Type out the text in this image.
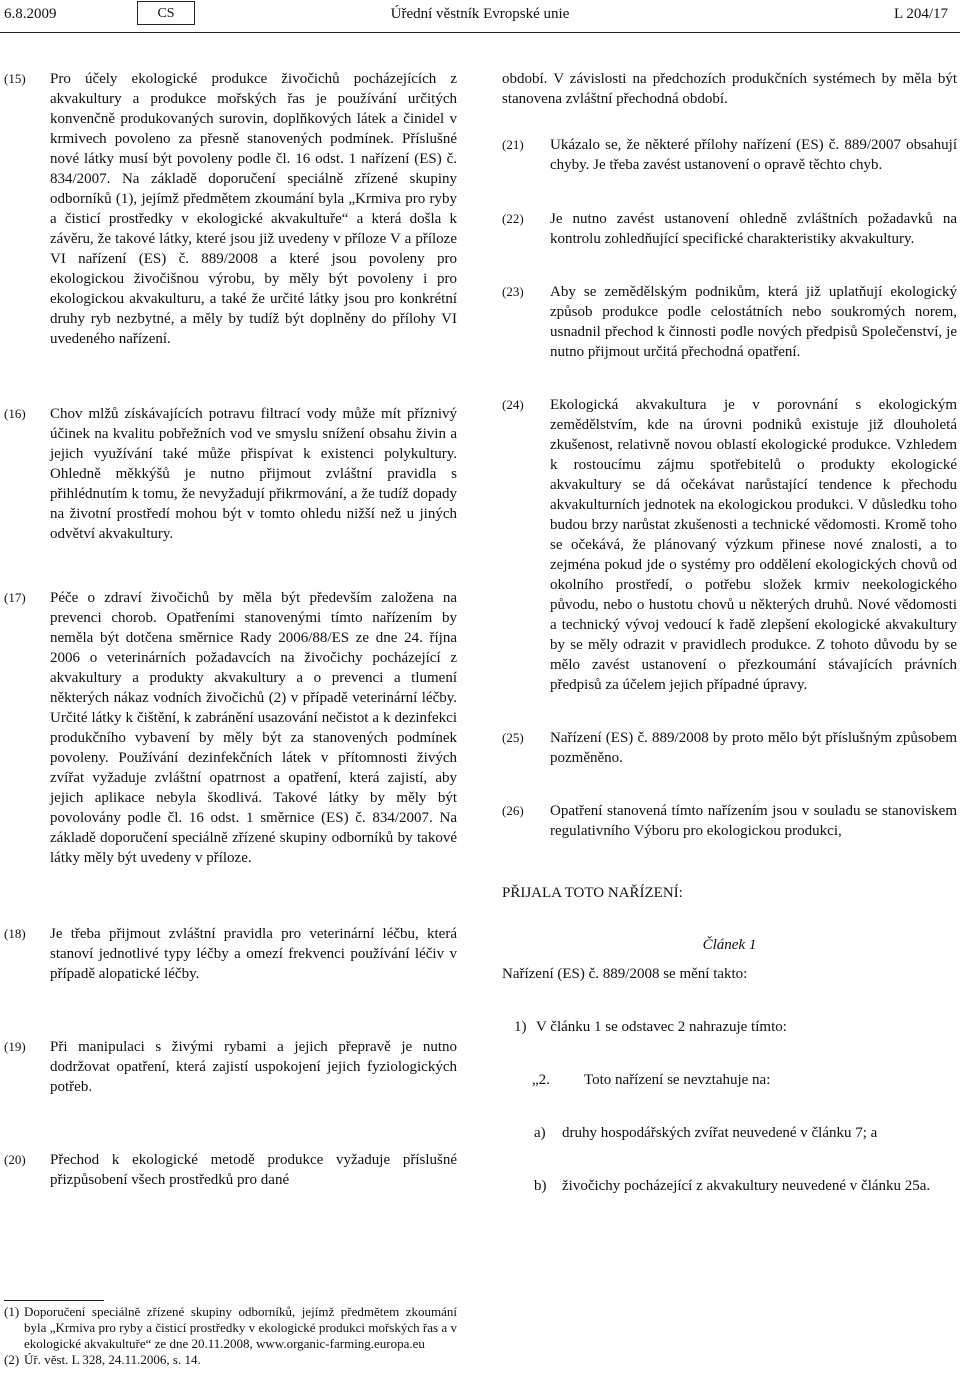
6.8.2009	CS	Úřední věstník Evropské unie	L 204/17
(15) Pro účely ekologické produkce živočichů pocházejících z akvakultury a produkce mořských řas je používání určitých konvenčně produkovaných surovin, doplňkových látek a činidel v krmivech povoleno za přesně stanovených podmínek. Příslušné nové látky musí být povoleny podle čl. 16 odst. 1 nařízení (ES) č. 834/2007. Na základě doporučení speciálně zřízené skupiny odborníků (1), jejímž předmětem zkoumání byla „Krmiva pro ryby a čisticí prostředky v ekologické akvakultuře“ a která došla k závěru, že takové látky, které jsou již uvedeny v příloze V a příloze VI nařízení (ES) č. 889/2008 a které jsou povoleny pro ekologickou živočišnou výrobu, by měly být povoleny i pro ekologickou akvakulturu, a také že určité látky jsou pro konkrétní druhy ryb nezbytné, a měly by tudíž být doplněny do přílohy VI uvedeného nařízení.
(16) Chov mlžů získávajících potravu filtrací vody může mít příznivý účinek na kvalitu pobřežních vod ve smyslu snížení obsahu živin a jejich využívání také může přispívat k existenci polykultury. Ohledně měkkýšů je nutno přijmout zvláštní pravidla s přihlédnutím k tomu, že nevyžadují přikrmování, a že tudíž dopady na životní prostředí mohou být v tomto ohledu nižší než u jiných odvětví akvakultury.
(17) Péče o zdraví živočichů by měla být především založena na prevenci chorob. Opatřeními stanovenými tímto nařízením by neměla být dotčena směrnice Rady 2006/88/ES ze dne 24. října 2006 o veterinárních požadavcích na živočichy pocházející z akvakultury a produkty akvakultury a o prevenci a tlumení některých nákaz vodních živočichů (2) v případě veterinární léčby. Určité látky k čištění, k zabránění usazování nečistot a k dezinfekci produkčního vybavení by měly být za stanovených podmínek povoleny. Používání dezinfekčních látek v přítomnosti živých zvířat vyžaduje zvláštní opatrnost a opatření, která zajistí, aby jejich aplikace nebyla škodlivá. Takové látky by měly být povolovány podle čl. 16 odst. 1 směrnice (ES) č. 834/2007. Na základě doporučení speciálně zřízené skupiny odborníků by takové látky měly být uvedeny v příloze.
(18) Je třeba přijmout zvláštní pravidla pro veterinární léčbu, která stanoví jednotlivé typy léčby a omezí frekvenci používání léčiv v případě alopatické léčby.
(19) Při manipulaci s živými rybami a jejich přepravě je nutno dodržovat opatření, která zajistí uspokojení jejich fyziologických potřeb.
(20) Přechod k ekologické metodě produkce vyžaduje příslušné přizpůsobení všech prostředků pro dané
období. V závislosti na předchozích produkčních systémech by měla být stanovena zvláštní přechodná období.
(21) Ukázalo se, že některé přílohy nařízení (ES) č. 889/2007 obsahují chyby. Je třeba zavést ustanovení o opravě těchto chyb.
(22) Je nutno zavést ustanovení ohledně zvláštních požadavků na kontrolu zohledňující specifické charakteristiky akvakultury.
(23) Aby se zemědělským podnikům, která již uplatňují ekologický způsob produkce podle celostátních nebo soukromých norem, usnadnil přechod k činnosti podle nových předpisů Společenství, je nutno přijmout určitá přechodná opatření.
(24) Ekologická akvakultura je v porovnání s ekologickým zemědělstvím, kde na úrovni podniků existuje již dlouholetá zkušenost, relativně novou oblastí ekologické produkce. Vzhledem k rostoucímu zájmu spotřebitelů o produkty ekologické akvakultury se dá očekávat narůstající tendence k přechodu akvakulturních jednotek na ekologickou produkci. V důsledku toho budou brzy narůstat zkušenosti a technické vědomosti. Kromě toho se očekává, že plánovaný výzkum přinese nové znalosti, a to zejména pokud jde o systémy pro oddělení ekologických chovů od okolního prostředí, o potřebu složek krmiv neekologického původu, nebo o hustotu chovů u některých druhů. Nové vědomosti a technický vývoj vedoucí k řadě zlepšení ekologické akvakultury by se měly odrazit v pravidlech produkce. Z tohoto důvodu by se mělo zavést ustanovení o přezkoumání stávajících právních předpisů za účelem jejich případné úpravy.
(25) Nařízení (ES) č. 889/2008 by proto mělo být příslušným způsobem pozměněno.
(26) Opatření stanovená tímto nařízením jsou v souladu se stanoviskem regulativního Výboru pro ekologickou produkci,
PŘIJALA TOTO NAŘÍZENÍ:
Článek 1
Nařízení (ES) č. 889/2008 se mění takto:
1) V článku 1 se odstavec 2 nahrazuje tímto:
„2. Toto nařízení se nevztahuje na:
a) druhy hospodářských zvířat neuvedené v článku 7; a
b) živočichy pocházející z akvakultury neuvedené v článku 25a.
(1) Doporučení speciálně zřízené skupiny odborníků, jejímž předmětem zkoumání byla „Krmiva pro ryby a čisticí prostředky v ekologické produkci mořských řas a v ekologické akvakultuře“ ze dne 20.11.2008, www.organic-farming.europa.eu
(2) Úř. věst. L 328, 24.11.2006, s. 14.
